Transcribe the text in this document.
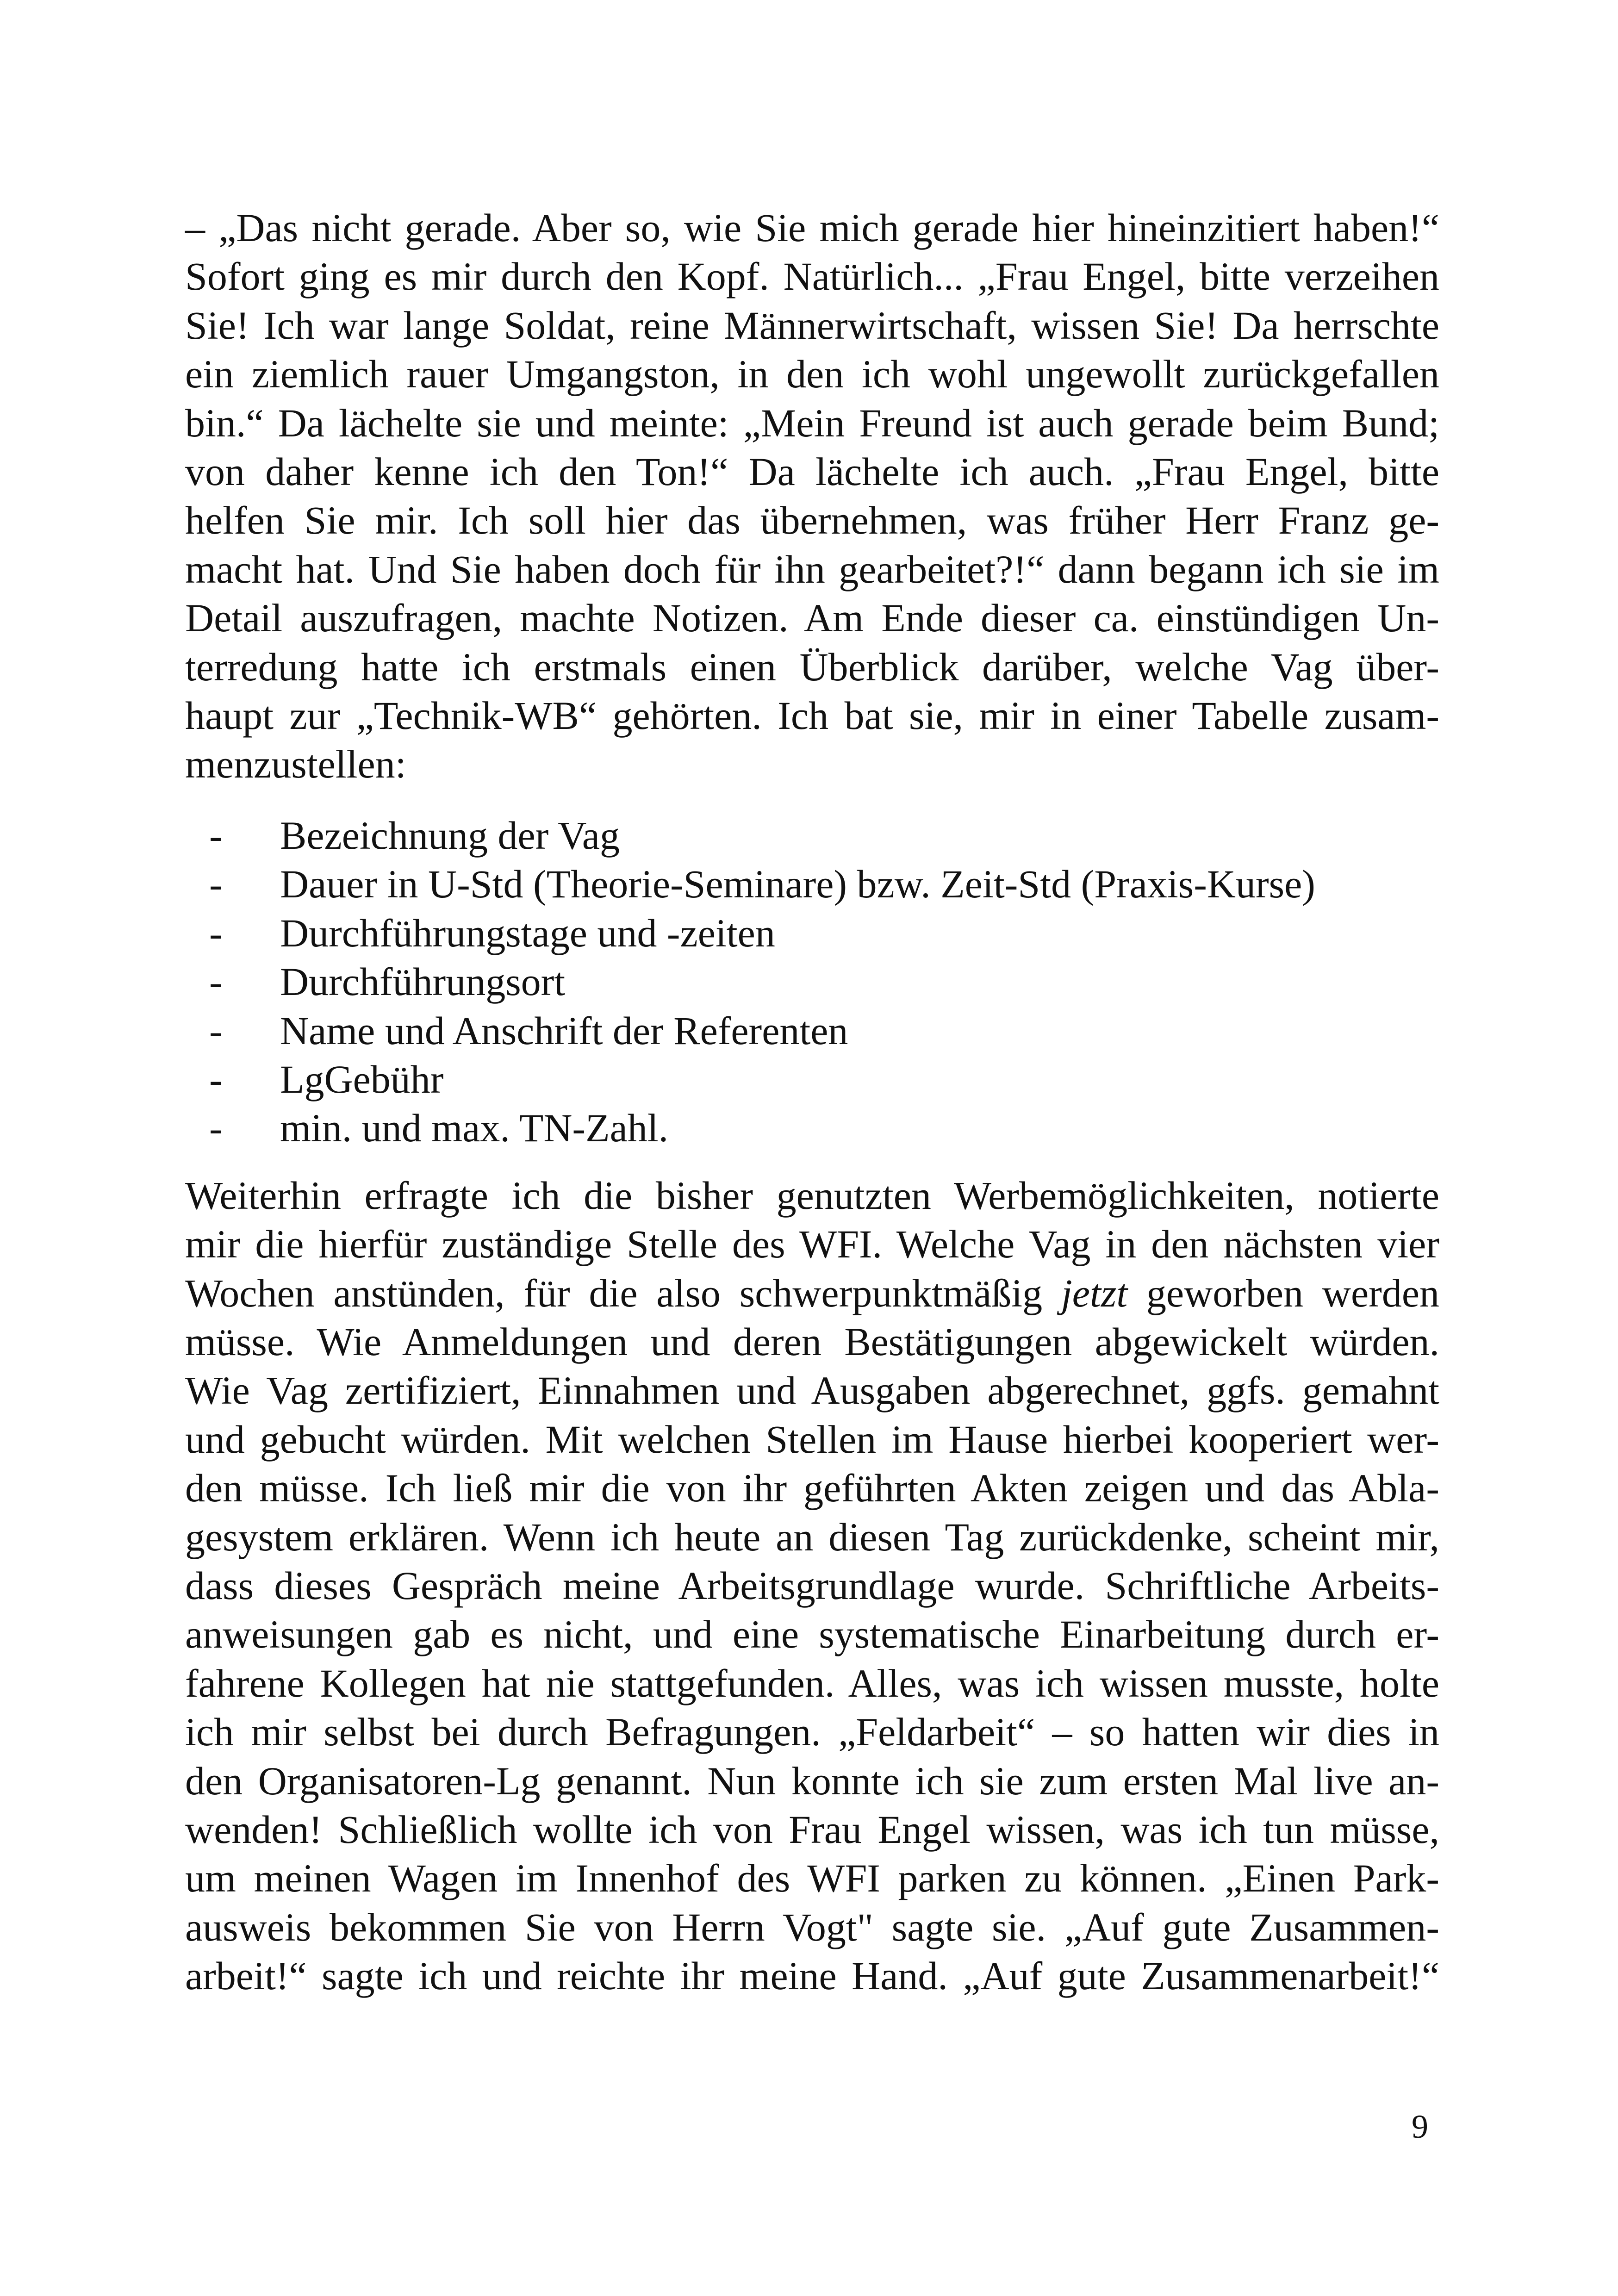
– „Das nicht gerade. Aber so, wie Sie mich gerade hier hineinzitiert haben!“
Sofort ging es mir durch den Kopf. Natürlich... „Frau Engel, bitte verzeihen
Sie! Ich war lange Soldat, reine Männerwirtschaft, wissen Sie! Da herrschte
ein ziemlich rauer Umgangston, in den ich wohl ungewollt zurückgefallen
bin.“ Da lächelte sie und meinte: „Mein Freund ist auch gerade beim Bund;
von daher kenne ich den Ton!“ Da lächelte ich auch. „Frau Engel, bitte
helfen Sie mir. Ich soll hier das übernehmen, was früher Herr Franz ge-
macht hat. Und Sie haben doch für ihn gearbeitet?!“ dann begann ich sie im
Detail auszufragen, machte Notizen. Am Ende dieser ca. einstündigen Un-
terredung hatte ich erstmals einen Überblick darüber, welche Vag über-
haupt zur „Technik-WB“ gehörten. Ich bat sie, mir in einer Tabelle zusam-
menzustellen:

- Bezeichnung der Vag
- Dauer in U-Std (Theorie-Seminare) bzw. Zeit-Std (Praxis-Kurse)
- Durchführungstage und -zeiten
- Durchführungsort
- Name und Anschrift der Referenten
- LgGebühr
- min. und max. TN-Zahl.

Weiterhin erfragte ich die bisher genutzten Werbemöglichkeiten, notierte
mir die hierfür zuständige Stelle des WFI. Welche Vag in den nächsten vier
Wochen anstünden, für die also schwerpunktmäßig jetzt geworben werden
müsse. Wie Anmeldungen und deren Bestätigungen abgewickelt würden.
Wie Vag zertifiziert, Einnahmen und Ausgaben abgerechnet, ggfs. gemahnt
und gebucht würden. Mit welchen Stellen im Hause hierbei kooperiert wer-
den müsse. Ich ließ mir die von ihr geführten Akten zeigen und das Abla-
gesystem erklären. Wenn ich heute an diesen Tag zurückdenke, scheint mir,
dass dieses Gespräch meine Arbeitsgrundlage wurde. Schriftliche Arbeits-
anweisungen gab es nicht, und eine systematische Einarbeitung durch er-
fahrene Kollegen hat nie stattgefunden. Alles, was ich wissen musste, holte
ich mir selbst bei durch Befragungen. „Feldarbeit“ – so hatten wir dies in
den Organisatoren-Lg genannt. Nun konnte ich sie zum ersten Mal live an-
wenden! Schließlich wollte ich von Frau Engel wissen, was ich tun müsse,
um meinen Wagen im Innenhof des WFI parken zu können. „Einen Park-
ausweis bekommen Sie von Herrn Vogt" sagte sie. „Auf gute Zusammen-
arbeit!“ sagte ich und reichte ihr meine Hand. „Auf gute Zusammenarbeit!“

9
